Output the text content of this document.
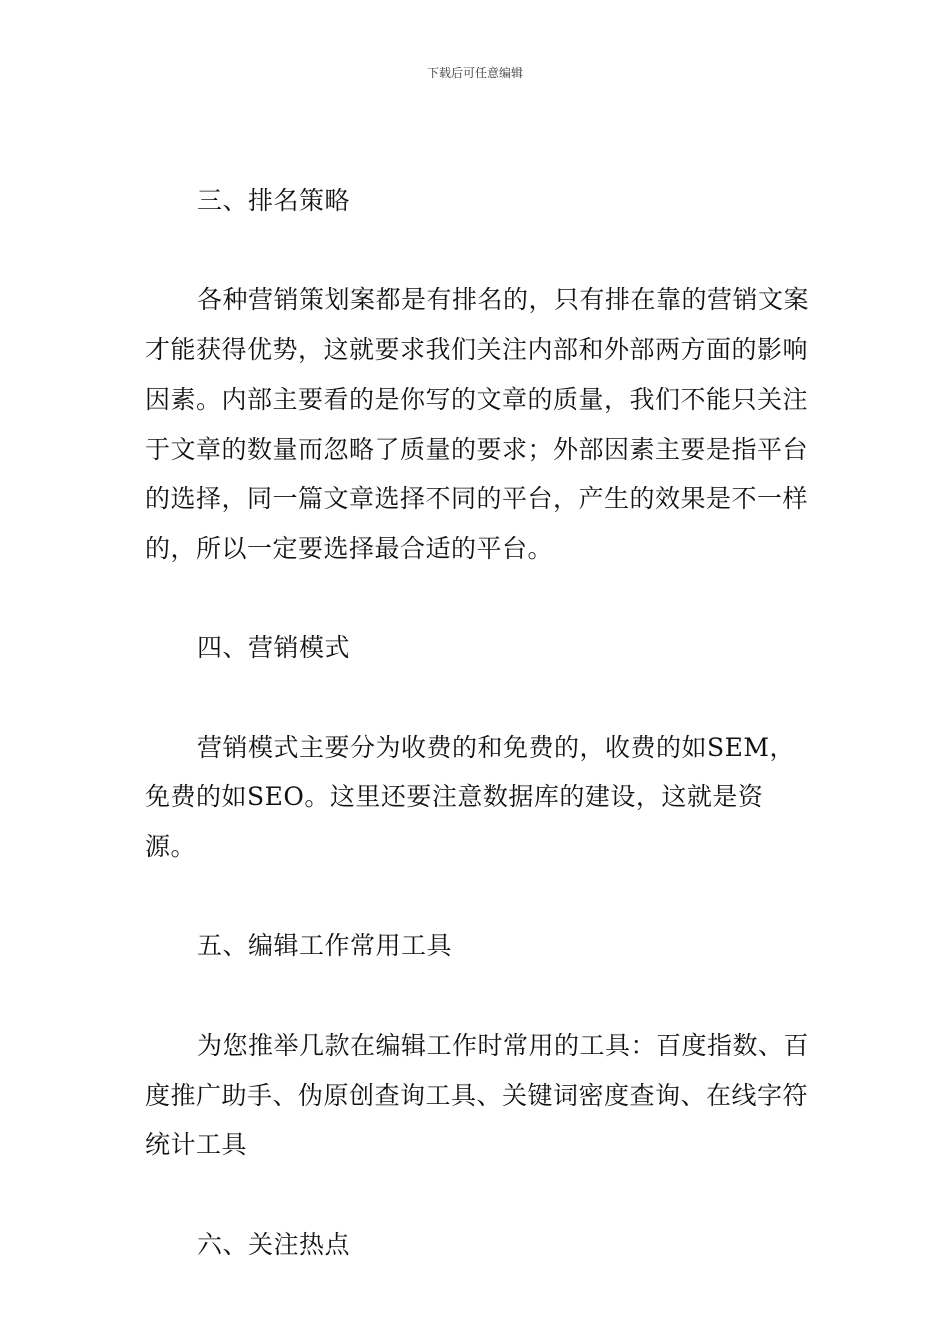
下载后可任意编辑
三、排名策略

各种营销策划案都是有排名的，只有排在靠的营销文案才能获得优势，这就要求我们关注内部和外部两方面的影响因素。内部主要看的是你写的文章的质量，我们不能只关注于文章的数量而忽略了质量的要求；外部因素主要是指平台的选择，同一篇文章选择不同的平台，产生的效果是不一样的，所以一定要选择最合适的平台。

四、营销模式

营销模式主要分为收费的和免费的，收费的如SEM，免费的如SEO。这里还要注意数据库的建设，这就是资源。

五、编辑工作常用工具

为您推举几款在编辑工作时常用的工具：百度指数、百度推广助手、伪原创查询工具、关键词密度查询、在线字符统计工具

六、关注热点
